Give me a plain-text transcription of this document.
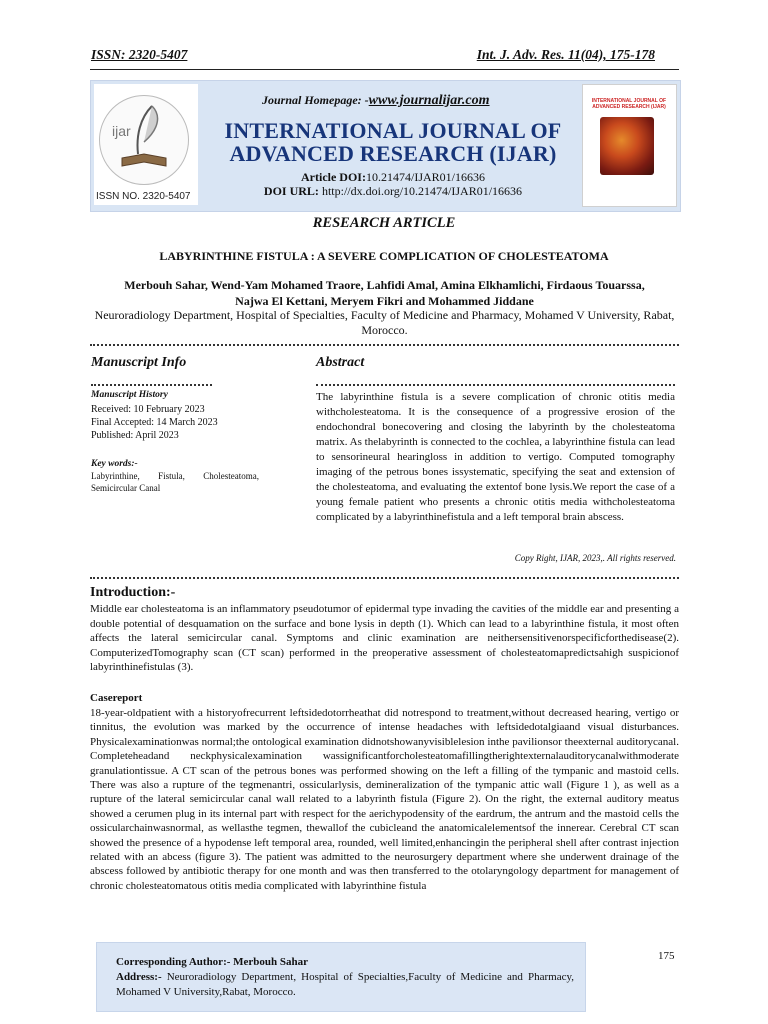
ISSN: 2320-5407	Int. J. Adv. Res. 11(04), 175-178
ijar
ISSN NO. 2320-5407
Journal Homepage: -www.journalijar.com
INTERNATIONAL JOURNAL OF
ADVANCED RESEARCH (IJAR)
Article DOI:10.21474/IJAR01/16636
DOI URL: http://dx.doi.org/10.21474/IJAR01/16636
INTERNATIONAL JOURNAL OF ADVANCED RESEARCH (IJAR)
RESEARCH ARTICLE
LABYRINTHINE FISTULA : A SEVERE COMPLICATION OF CHOLESTEATOMA
Merbouh Sahar, Wend-Yam Mohamed Traore, Lahfidi Amal, Amina Elkhamlichi, Firdaous Touarssa,
Najwa El Kettani, Meryem Fikri and Mohammed Jiddane
Neuroradiology Department, Hospital of Specialties, Faculty of Medicine and Pharmacy, Mohamed V University, Rabat, Morocco.
Manuscript Info	Abstract
Manuscript History
Received: 10 February 2023
Final Accepted: 14 March 2023
Published: April 2023
Key words:-
Labyrinthine, Fistula, Cholesteatoma, Semicircular Canal
The labyrinthine fistula is a severe complication of chronic otitis media withcholesteatoma. It is the consequence of a progressive erosion of the endochondral bonecovering and closing the labyrinth by the cholesteatoma matrix. As thelabyrinth is connected to the cochlea, a labyrinthine fistula can lead to sensorineural hearingloss in addition to vertigo. Computed tomography imaging of the petrous bones issystematic, specifying the seat and extension of the cholesteatoma, and evaluating the extentof bone lysis.We report the case of a young female patient who presents a chronic otitis media withcholesteatoma complicated by a labyrinthinefistula and a left temporal brain abscess.
Copy Right, IJAR, 2023,. All rights reserved.
Introduction:-
Middle ear cholesteatoma is an inflammatory pseudotumor of epidermal type invading the cavities of the middle ear and presenting a double potential of desquamation on the surface and bone lysis in depth (1). Which can lead to a labyrinthine fistula, it most often affects the lateral semicircular canal. Symptoms and clinic examination are neithersensitivenorspecificforthedisease(2). ComputerizedTomography scan (CT scan) performed in the preoperative assessment of cholesteatomapredictsahigh suspicionof labyrinthinefistulas (3).
Casereport
18-year-oldpatient with a historyofrecurrent leftsidedotorrheathat did notrespond to treatment,without decreased hearing, vertigo or tinnitus, the evolution was marked by the occurrence of intense headaches with leftsidedotalgiaand visual disturbances. Physicalexaminationwas normal;the ontological examination didnotshowanyvisiblelesion inthe pavilionsor theexternal auditorycanal. Completeheadand neckphysicalexamination wassignificantforcholesteatomafillingtherightexternalauditorycanalwithmoderate granulationtissue. A CT scan of the petrous bones was performed showing on the left a filling of the tympanic and mastoid cells. There was also a rupture of the tegmenantri, ossicularlysis, demineralization of the tympanic attic wall (Figure 1 ), as well as a rupture of the lateral semicircular canal wall related to a labyrinth fistula (Figure 2). On the right, the external auditory meatus showed a cerumen plug in its internal part with respect for the aerichypodensity of the eardrum, the antrum and the mastoid cells the ossicularchainwasnormal, as wellasthe tegmen, thewallof the cubicleand the anatomicalelementsof the innerear. Cerebral CT scan showed the presence of a hypodense left temporal area, rounded, well limited,enhancingin the peripheral shell after contrast injection related with an abcess (figure 3). The patient was admitted to the neurosurgery department where she underwent drainage of the abscess followed by antibiotic therapy for one month and was then transferred to the otolaryngology department for management of chronic cholesteatomatous otitis media complicated with labyrinthine fistula
175
Corresponding Author:- Merbouh Sahar
Address:- Neuroradiology Department, Hospital of Specialties,Faculty of Medicine and Pharmacy, Mohamed V University,Rabat, Morocco.
